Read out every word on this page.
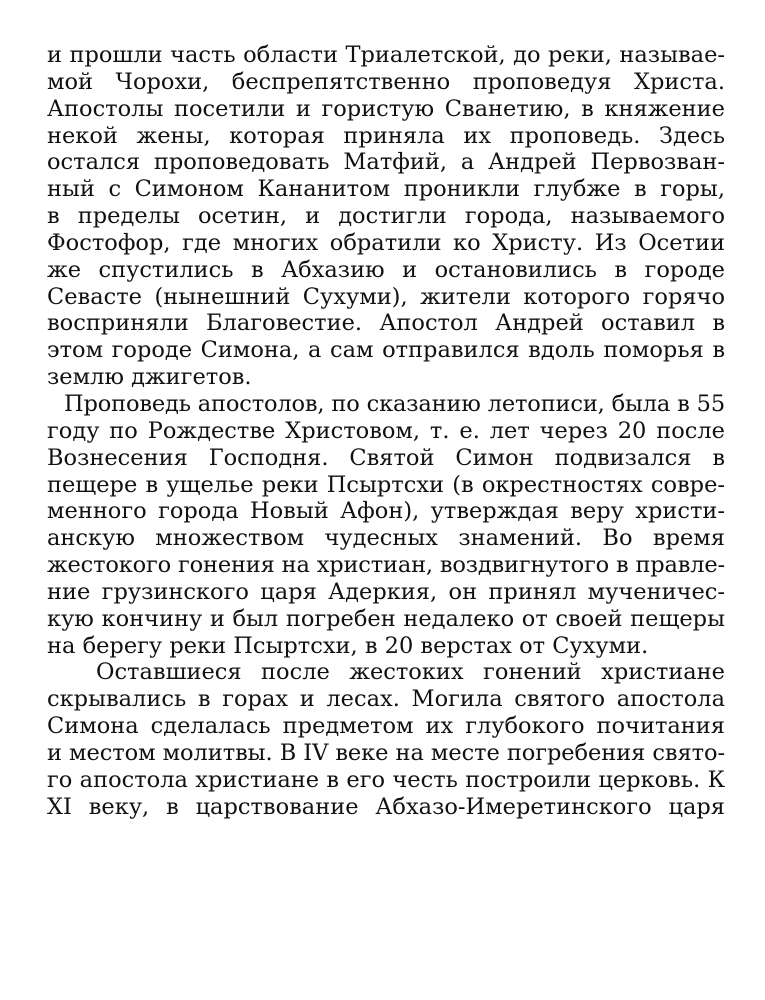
и прошли часть области Триалетской, до реки, называе-
мой Чорохи, беспрепятственно проповедуя Христа.
Апостолы посетили и гористую Сванетию, в княжение
некой жены, которая приняла их проповедь. Здесь
остался проповедовать Матфий, а Андрей Первозван-
ный с Симоном Кананитом проникли глубже в горы,
в пределы осетин, и достигли города, называемого
Фостофор, где многих обратили ко Христу. Из Осетии
же спустились в Абхазию и остановились в городе
Севасте (нынешний Сухуми), жители которого горячо
восприняли Благовестие. Апостол Андрей оставил в
этом городе Симона, а сам отправился вдоль поморья в
землю джигетов.
Проповедь апостолов, по сказанию летописи, была в 55
году по Рождестве Христовом, т. е. лет через 20 после
Вознесения Господня. Святой Симон подвизался в
пещере в ущелье реки Псыртсхи (в окрестностях совре-
менного города Новый Афон), утверждая веру христи-
анскую множеством чудесных знамений. Во время
жестокого гонения на христиан, воздвигнутого в правле-
ние грузинского царя Адеркия, он принял мученичес-
кую кончину и был погребен недалеко от своей пещеры
на берегу реки Псыртсхи, в 20 верстах от Сухуми.
Оставшиеся после жестоких гонений христиане
скрывались в горах и лесах. Могила святого апостола
Симона сделалась предметом их глубокого почитания
и местом молитвы. В IV веке на месте погребения свято-
го апостола христиане в его честь построили церковь. К
XI веку, в царствование Абхазо-Имеретинского царя
